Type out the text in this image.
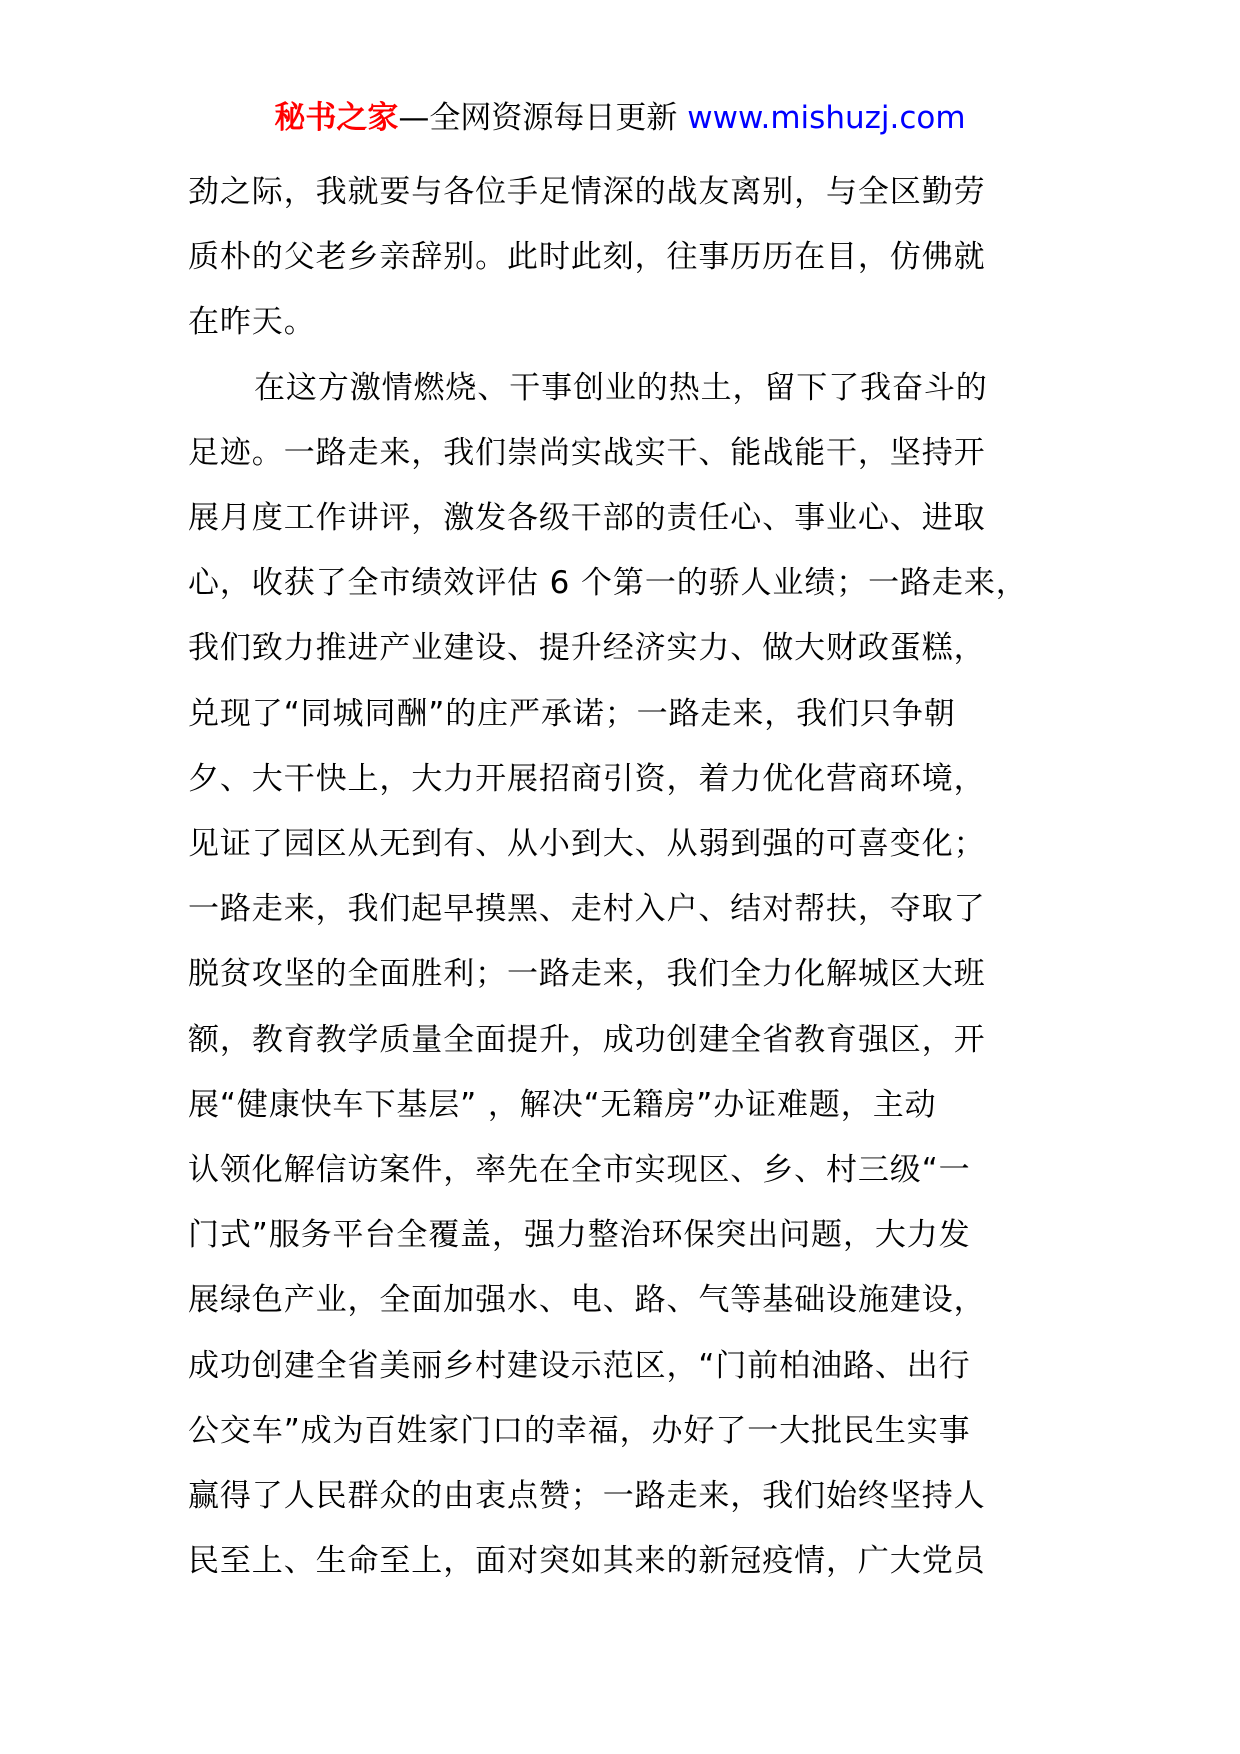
秘书之家—全网资源每日更新 www.mishuzj.com
劲之际，我就要与各位手足情深的战友离别，与全区勤劳
质朴的父老乡亲辞别。此时此刻，往事历历在目，仿佛就
在昨天。
在这方激情燃烧、干事创业的热土，留下了我奋斗的
足迹。一路走来，我们崇尚实战实干、能战能干，坚持开
展月度工作讲评，激发各级干部的责任心、事业心、进取
心，收获了全市绩效评估 6 个第一的骄人业绩；一路走来，
我们致力推进产业建设、提升经济实力、做大财政蛋糕，
兑现了“同城同酬”的庄严承诺；一路走来，我们只争朝
夕、大干快上，大力开展招商引资，着力优化营商环境，
见证了园区从无到有、从小到大、从弱到强的可喜变化；
一路走来，我们起早摸黑、走村入户、结对帮扶，夺取了
脱贫攻坚的全面胜利；一路走来，我们全力化解城区大班
额，教育教学质量全面提升，成功创建全省教育强区，开
展“健康快车下基层” ，解决“无籍房”办证难题，主动
认领化解信访案件，率先在全市实现区、乡、村三级“一
门式”服务平台全覆盖，强力整治环保突出问题，大力发
展绿色产业，全面加强水、电、路、气等基础设施建设，
成功创建全省美丽乡村建设示范区，“门前柏油路、出行
公交车”成为百姓家门口的幸福，办好了一大批民生实事
赢得了人民群众的由衷点赞；一路走来，我们始终坚持人
民至上、生命至上，面对突如其来的新冠疫情，广大党员
